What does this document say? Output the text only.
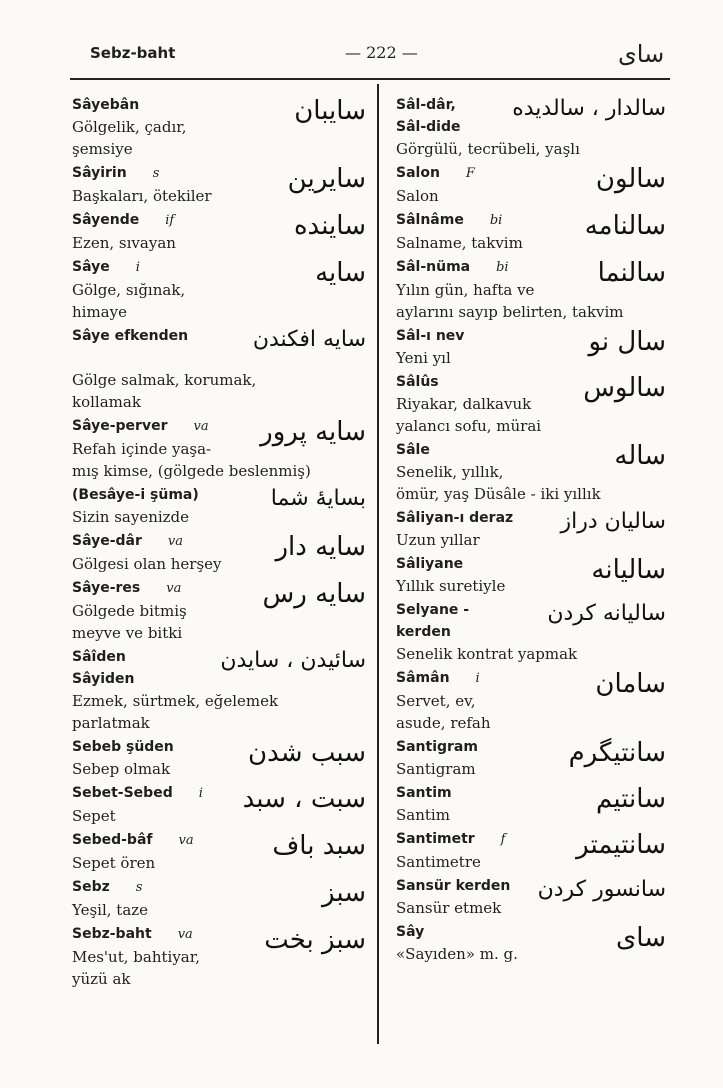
Sebz-baht	— 222 —	سای
Sâyebân
Gölgelik, çadır,
şemsiye
سایبان
Sâyirin s
Başkaları, ötekiler
سایرین
Sâyende if
Ezen, sıvayan
ساینده
Sâye i
Gölge, sığınak,
himaye
سایه
Sâye efkenden

Gölge salmak, korumak,
kollamak
سایه افکندن
Sâye-perver va
Refah içinde yaşa-
mış kimse, (gölgede beslenmiş)
سایه پرور
(Besâye-i şüma)
Sizin sayenizde
بسایهٔ شما
Sâye-dâr va
Gölgesi olan herşey
سایه دار
Sâye-res va
Gölgede bitmiş
meyve ve bitki
سایه رس
Sâîden	سائیدن ، سایدن
Sâyiden
Ezmek, sürtmek, eğelemek
parlatmak
Sebeb şüden
Sebep olmak
سبب شدن
Sebet-Sebed i
Sepet
سبت ، سبد
Sebed-bâf va
Sepet ören
سبد باف
Sebz s
Yeşil, taze
سبز
Sebz-baht va
Mes'ut, bahtiyar,
yüzü ak
سبز بخت
Sâl-dâr,	سالدار ، سالدیده
Sâl-dide
Görgülü, tecrübeli, yaşlı
Salon F
Salon
سالون
Sâlnâme bi
Salname, takvim
سالنامه
Sâl-nüma bi
Yılın gün, hafta ve
aylarını sayıp belirten, takvim
سالنما
Sâl-ı nev
Yeni yıl
سال نو
Sâlûs
Riyakar, dalkavuk
yalancı sofu, mürai
سالوس
Sâle
Senelik, yıllık,
ömür, yaş Düsâle - iki yıllık
ساله
Sâliyan-ı deraz
Uzun yıllar
سالیان دراز
Sâliyane
Yıllık suretiyle
سالیانه
Selyane -	سالیانه کردن
kerden
Senelik kontrat yapmak
Sâmân i
Servet, ev,
asude, refah
سامان
Santigram
Santigram
سانتیگرم
Santim
Santim
سانتیم
Santimetr f
Santimetre
سانتیمتر
Sansür kerden
Sansür etmek
سانسور کردن
Sây
«Sayıden» m. g.
سای
